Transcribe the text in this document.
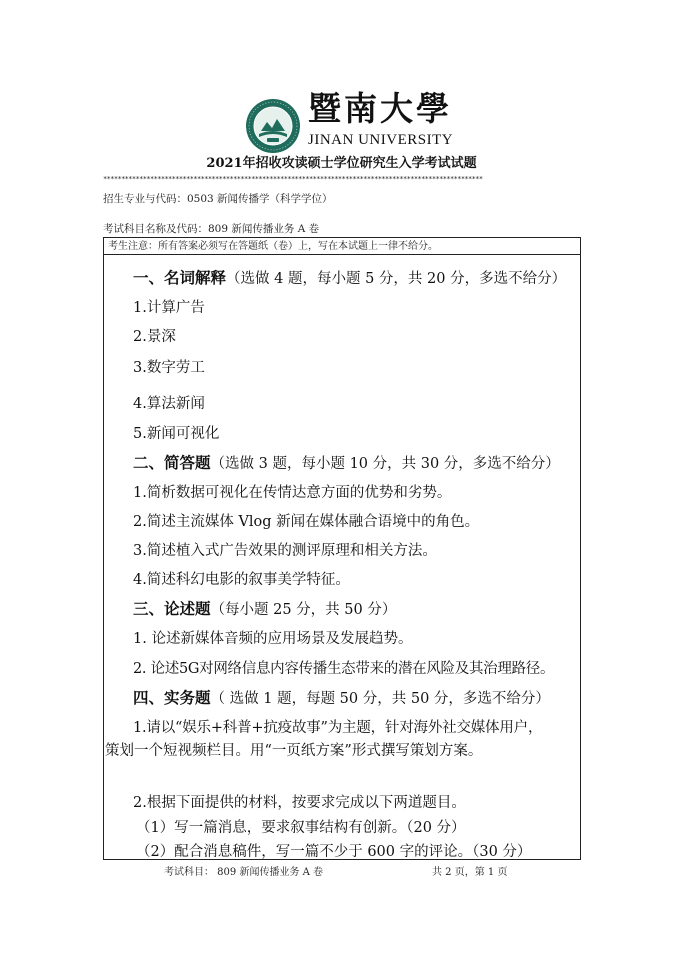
暨南大學
JINAN UNIVERSITY
2021年招收攻读硕士学位研究生入学考试试题
*********************************************************************************************************
招生专业与代码：0503 新闻传播学（科学学位）
考试科目名称及代码：809 新闻传播业务 A 卷
考生注意：所有答案必须写在答题纸（卷）上，写在本试题上一律不给分。
一、名词解释（选做 4 题，每小题 5 分，共 20 分，多选不给分）
1.计算广告
2.景深
3.数字劳工
4.算法新闻
5.新闻可视化
二、简答题（选做 3 题，每小题 10 分，共 30 分，多选不给分）
1.简析数据可视化在传情达意方面的优势和劣势。
2.简述主流媒体 Vlog 新闻在媒体融合语境中的角色。
3.简述植入式广告效果的测评原理和相关方法。
4.简述科幻电影的叙事美学特征。
三、论述题（每小题 25 分，共 50 分）
1. 论述新媒体音频的应用场景及发展趋势。
2. 论述5G对网络信息内容传播生态带来的潜在风险及其治理路径。
四、实务题（ 选做 1 题，每题 50 分，共 50 分，多选不给分）
1.请以“娱乐+科普+抗疫故事”为主题，针对海外社交媒体用户，
策划一个短视频栏目。用“一页纸方案”形式撰写策划方案。
2.根据下面提供的材料，按要求完成以下两道题目。
（1）写一篇消息，要求叙事结构有创新。（20 分）
（2）配合消息稿件，写一篇不少于 600 字的评论。（30 分）
考试科目： 809 新闻传播业务 A 卷	共 2 页，第 1 页
